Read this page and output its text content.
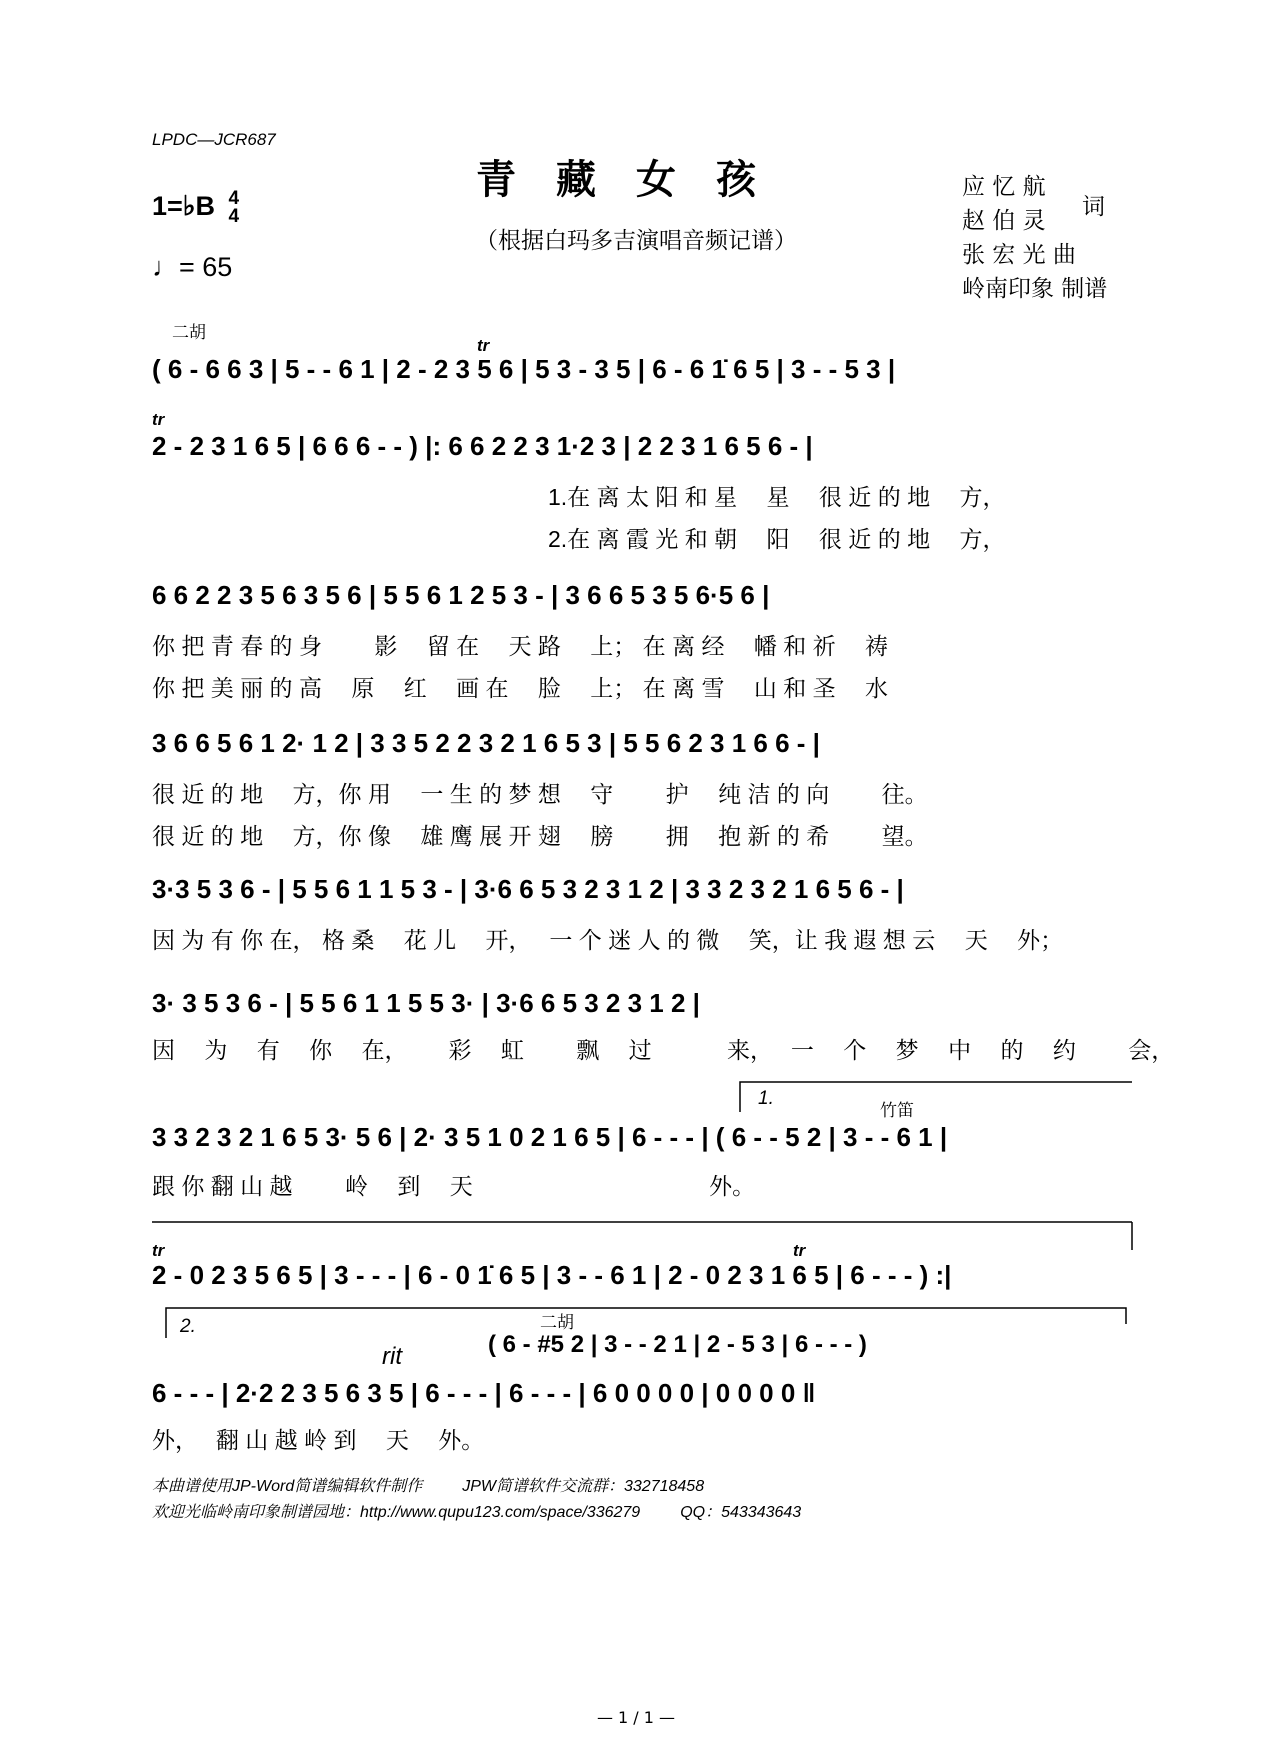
LPDC—JCR687
青藏女孩
（根据白玛多吉演唱音频记谱）
1=♭B 4
4
♩= 65
应 忆 航
赵 伯 灵
词
张 宏 光 曲
岭南印象 制谱
二胡
tr
tr
( 6 - 6 6 3 | 5 - - 6 1 | 2 - 2 3 5 6 | 5 3 - 3 5 | 6 - 6 1̇ 6 5 | 3 - - 5 3 |
2 - 2 3 1 6 5 | 6 6 6 - - ) |: 6 6 2 2 3 1·2 3 | 2 2 3 1 6 5 6 - |
1.在 离 太 阳 和 星　 星　 很 近 的 地　 方，
2.在 离 霞 光 和 朝　 阳　 很 近 的 地　 方，
6 6 2 2 3 5 6 3 5 6 | 5 5 6 1 2 5 3 - | 3 6 6 5 3 5 6·5 6 |
你 把 青 春 的 身　　 影　 留 在　 天 路　 上； 在 离 经　 幡 和 祈　 祷
你 把 美 丽 的 高　 原　 红　 画 在　 脸　 上； 在 离 雪　 山 和 圣　 水
3 6 6 5 6 1 2· 1 2 | 3 3 5 2 2 3 2 1 6 5 3 | 5 5 6 2 3 1 6 6 - |
很 近 的 地　 方，你 用　 一 生 的 梦 想　 守　　 护　 纯 洁 的 向　　 往。
很 近 的 地　 方，你 像　 雄 鹰 展 开 翅　 膀　　 拥　 抱 新 的 希　　 望。
3·3 5 3 6 - | 5 5 6 1 1 5 3 - | 3·6 6 5 3 2 3 1 2 | 3 3 2 3 2 1 6 5 6 - |
因 为 有 你 在， 格 桑　 花 儿　 开，　 一 个 迷 人 的 微　 笑，让 我 遐 想 云　 天　 外；
3· 3 5 3 6 - | 5 5 6 1 1 5 5 3· | 3·6 6 5 3 2 3 1 2 |
因　 为　 有　 你　 在，　　 彩　 虹　　 飘　 过　　　 来，　 一　 个　 梦　 中　 的　 约　　 会，
1.
竹笛
3 3 2 3 2 1 6 5 3· 5 6 | 2· 3 5 1 0 2 1 6 5 | 6 - - - | ( 6 - - 5 2 | 3 - - 6 1 |
跟 你 翻 山 越　　 岭　 到　 天　　　　　　　　　　 外。
tr	tr
2 - 0 2 3 5 6 5 | 3 - - - | 6 - 0 1̇ 6 5 | 3 - - 6 1 | 2 - 0 2 3 1 6 5 | 6 - - - ) :|
2.	二胡
rit	( 6 - #5 2 | 3 - - 2 1 | 2 - 5 3 | 6 - - - )
6 - - - | 2·2 2 3 5 6 3 5 | 6 - - - | 6 - - - | 6 0 0 0 0 | 0 0 0 0 ‖
外，　 翻 山 越 岭 到　 天　 外。
本曲谱使用JP-Word简谱编辑软件制作	JPW简谱软件交流群：332718458
欢迎光临岭南印象制谱园地：http://www.qupu123.com/space/336279	QQ：543343643
— 1 / 1 —
